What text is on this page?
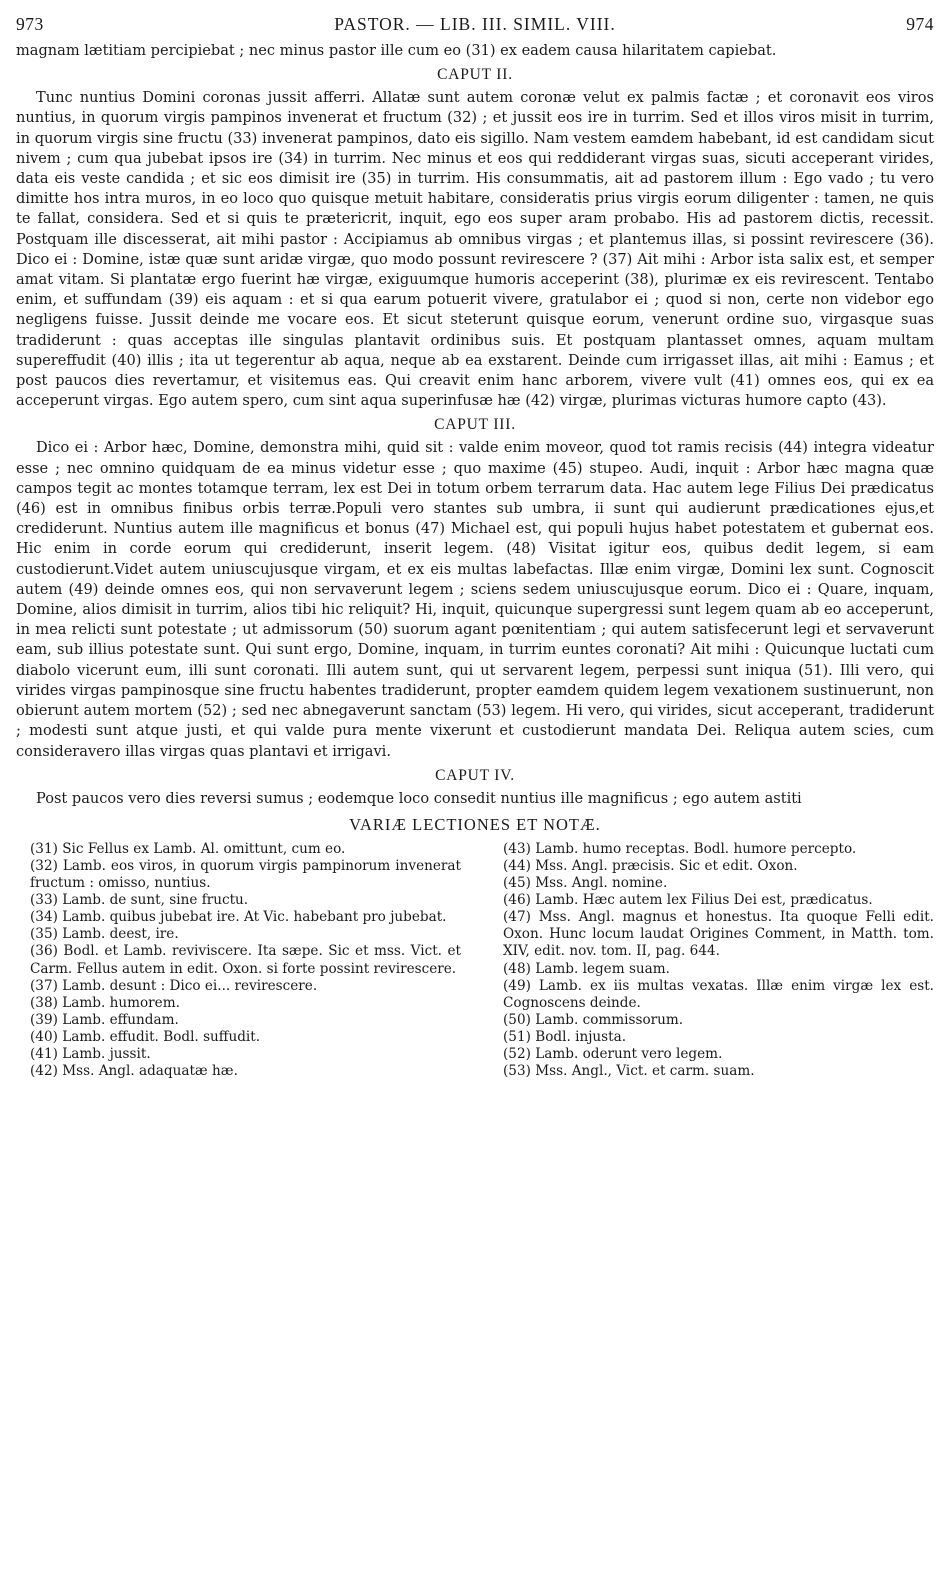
973	PASTOR. — LIB. III. SIMIL. VIII.	974

magnam lætitiam percipiebat ; nec minus pastor ille cum eo (31) ex eadem causa hilaritatem capiebat.

CAPUT II.

Tunc nuntius Domini coronas jussit afferri. Allatæ sunt autem coronæ velut ex palmis factæ ; et coronavit eos viros nuntius, in quorum virgis pampinos invenerat et fructum (32) ; et jussit eos ire in turrim. Sed et illos viros misit in turrim, in quorum virgis sine fructu (33) invenerat pampinos, dato eis sigillo. Nam vestem eamdem habebant, id est candidam sicut nivem ; cum qua jubebat ipsos ire (34) in turrim. Nec minus et eos qui reddiderant virgas suas, sicuti acceperant virides, data eis veste candida ; et sic eos dimisit ire (35) in turrim. His consummatis, ait ad pastorem illum : Ego vado ; tu vero dimitte hos intra muros, in eo loco quo quisque metuit habitare, consideratis prius virgis eorum diligenter : tamen, ne quis te fallat, considera. Sed et si quis te prætericrit, inquit, ego eos super aram probabo. His ad pastorem dictis, recessit. Postquam ille discesserat, ait mihi pastor : Accipiamus ab omnibus virgas ; et plantemus illas, si possint revirescere (36). Dico ei : Domine, istæ quæ sunt aridæ virgæ, quo modo possunt revirescere ? (37) Ait mihi : Arbor ista salix est, et semper amat vitam. Si plantatæ ergo fuerint hæ virgæ, exiguumque humoris acceperint (38), plurimæ ex eis revirescent. Tentabo enim, et suffundam (39) eis aquam : et si qua earum potuerit vivere, gratulabor ei ; quod si non, certe non videbor ego negligens fuisse. Jussit deinde me vocare eos. Et sicut steterunt quisque eorum, venerunt ordine suo, virgasque suas tradiderunt : quas acceptas ille singulas plantavit ordinibus suis. Et postquam plantasset omnes, aquam multam supereffudit (40) illis ; ita ut tegerentur ab aqua, neque ab ea exstarent. Deinde cum irrigasset illas, ait mihi : Eamus ; et post paucos dies revertamur, et visitemus eas. Qui creavit enim hanc arborem, vivere vult (41) omnes eos, qui ex ea acceperunt virgas. Ego autem spero, cum sint aqua superinfusæ hæ (42) virgæ, plurimas victuras humore capto (43).

CAPUT III.

Dico ei : Arbor hæc, Domine, demonstra mihi, quid sit : valde enim moveor, quod tot ramis recisis (44) integra videatur esse ; nec omnino quidquam de ea minus videtur esse ; quo maxime (45) stupeo. Audi, inquit : Arbor hæc magna quæ campos tegit ac montes totamque terram, lex est Dei in totum orbem terrarum data. Hac autem lege Filius Dei prædicatus (46) est in omnibus finibus orbis terræ.Populi vero stantes sub umbra, ii sunt qui audierunt prædicationes ejus,et crediderunt. Nuntius autem ille magnificus et bonus (47) Michael est, qui populi hujus habet potestatem et gubernat eos. Hic enim in corde eorum qui crediderunt, inserit legem. (48) Visitat igitur eos, quibus dedit legem, si eam custodierunt.Videt autem uniuscujusque virgam, et ex eis multas labefactas. Illæ enim virgæ, Domini lex sunt. Cognoscit autem (49) deinde omnes eos, qui non servaverunt legem ; sciens sedem uniuscujusque eorum. Dico ei : Quare, inquam, Domine, alios dimisit in turrim, alios tibi hic reliquit? Hi, inquit, quicunque supergressi sunt legem quam ab eo acceperunt, in mea relicti sunt potestate ; ut admissorum (50) suorum agant pœnitentiam ; qui autem satisfecerunt legi et servaverunt eam, sub illius potestate sunt. Qui sunt ergo, Domine, inquam, in turrim euntes coronati? Ait mihi : Quicunque luctati cum diabolo vicerunt eum, illi sunt coronati. Illi autem sunt, qui ut servarent legem, perpessi sunt iniqua (51). Illi vero, qui virides virgas pampinosque sine fructu habentes tradiderunt, propter eamdem quidem legem vexationem sustinuerunt, non obierunt autem mortem (52) ; sed nec abnegaverunt sanctam (53) legem. Hi vero, qui virides, sicut acceperant, tradiderunt ; modesti sunt atque justi, et qui valde pura mente vixerunt et custodierunt mandata Dei. Reliqua autem scies, cum consideravero illas virgas quas plantavi et irrigavi.

CAPUT IV.

Post paucos vero dies reversi sumus ; eodemque loco consedit nuntius ille magnificus ; ego autem astiti

VARIÆ LECTIONES ET NOTÆ.

(31) Sic Fellus ex Lamb. Al. omittunt, cum eo.

(32) Lamb. eos viros, in quorum virgis pampinorum invenerat fructum : omisso, nuntius.

(33) Lamb. de sunt, sine fructu.

(34) Lamb. quibus jubebat ire. At Vic. habebant pro jubebat.

(35) Lamb. deest, ire.

(36) Bodl. et Lamb. reviviscere. Ita sæpe. Sic et mss. Vict. et Carm. Fellus autem in edit. Oxon. si forte possint revirescere.

(37) Lamb. desunt : Dico ei... revirescere.

(38) Lamb. humorem.

(39) Lamb. effundam.

(40) Lamb. effudit. Bodl. suffudit.

(41) Lamb. jussit.

(42) Mss. Angl. adaquatæ hæ.

(43) Lamb. humo receptas. Bodl. humore percepto.

(44) Mss. Angl. præcisis. Sic et edit. Oxon.

(45) Mss. Angl. nomine.

(46) Lamb. Hæc autem lex Filius Dei est, prædicatus.

(47) Mss. Angl. magnus et honestus. Ita quoque Felli edit. Oxon. Hunc locum laudat Origines Comment, in Matth. tom. XIV, edit. nov. tom. II, pag. 644.

(48) Lamb. legem suam.

(49) Lamb. ex iis multas vexatas. Illæ enim virgæ lex est. Cognoscens deinde.

(50) Lamb. commissorum.

(51) Bodl. injusta.

(52) Lamb. oderunt vero legem.

(53) Mss. Angl., Vict. et carm. suam.
